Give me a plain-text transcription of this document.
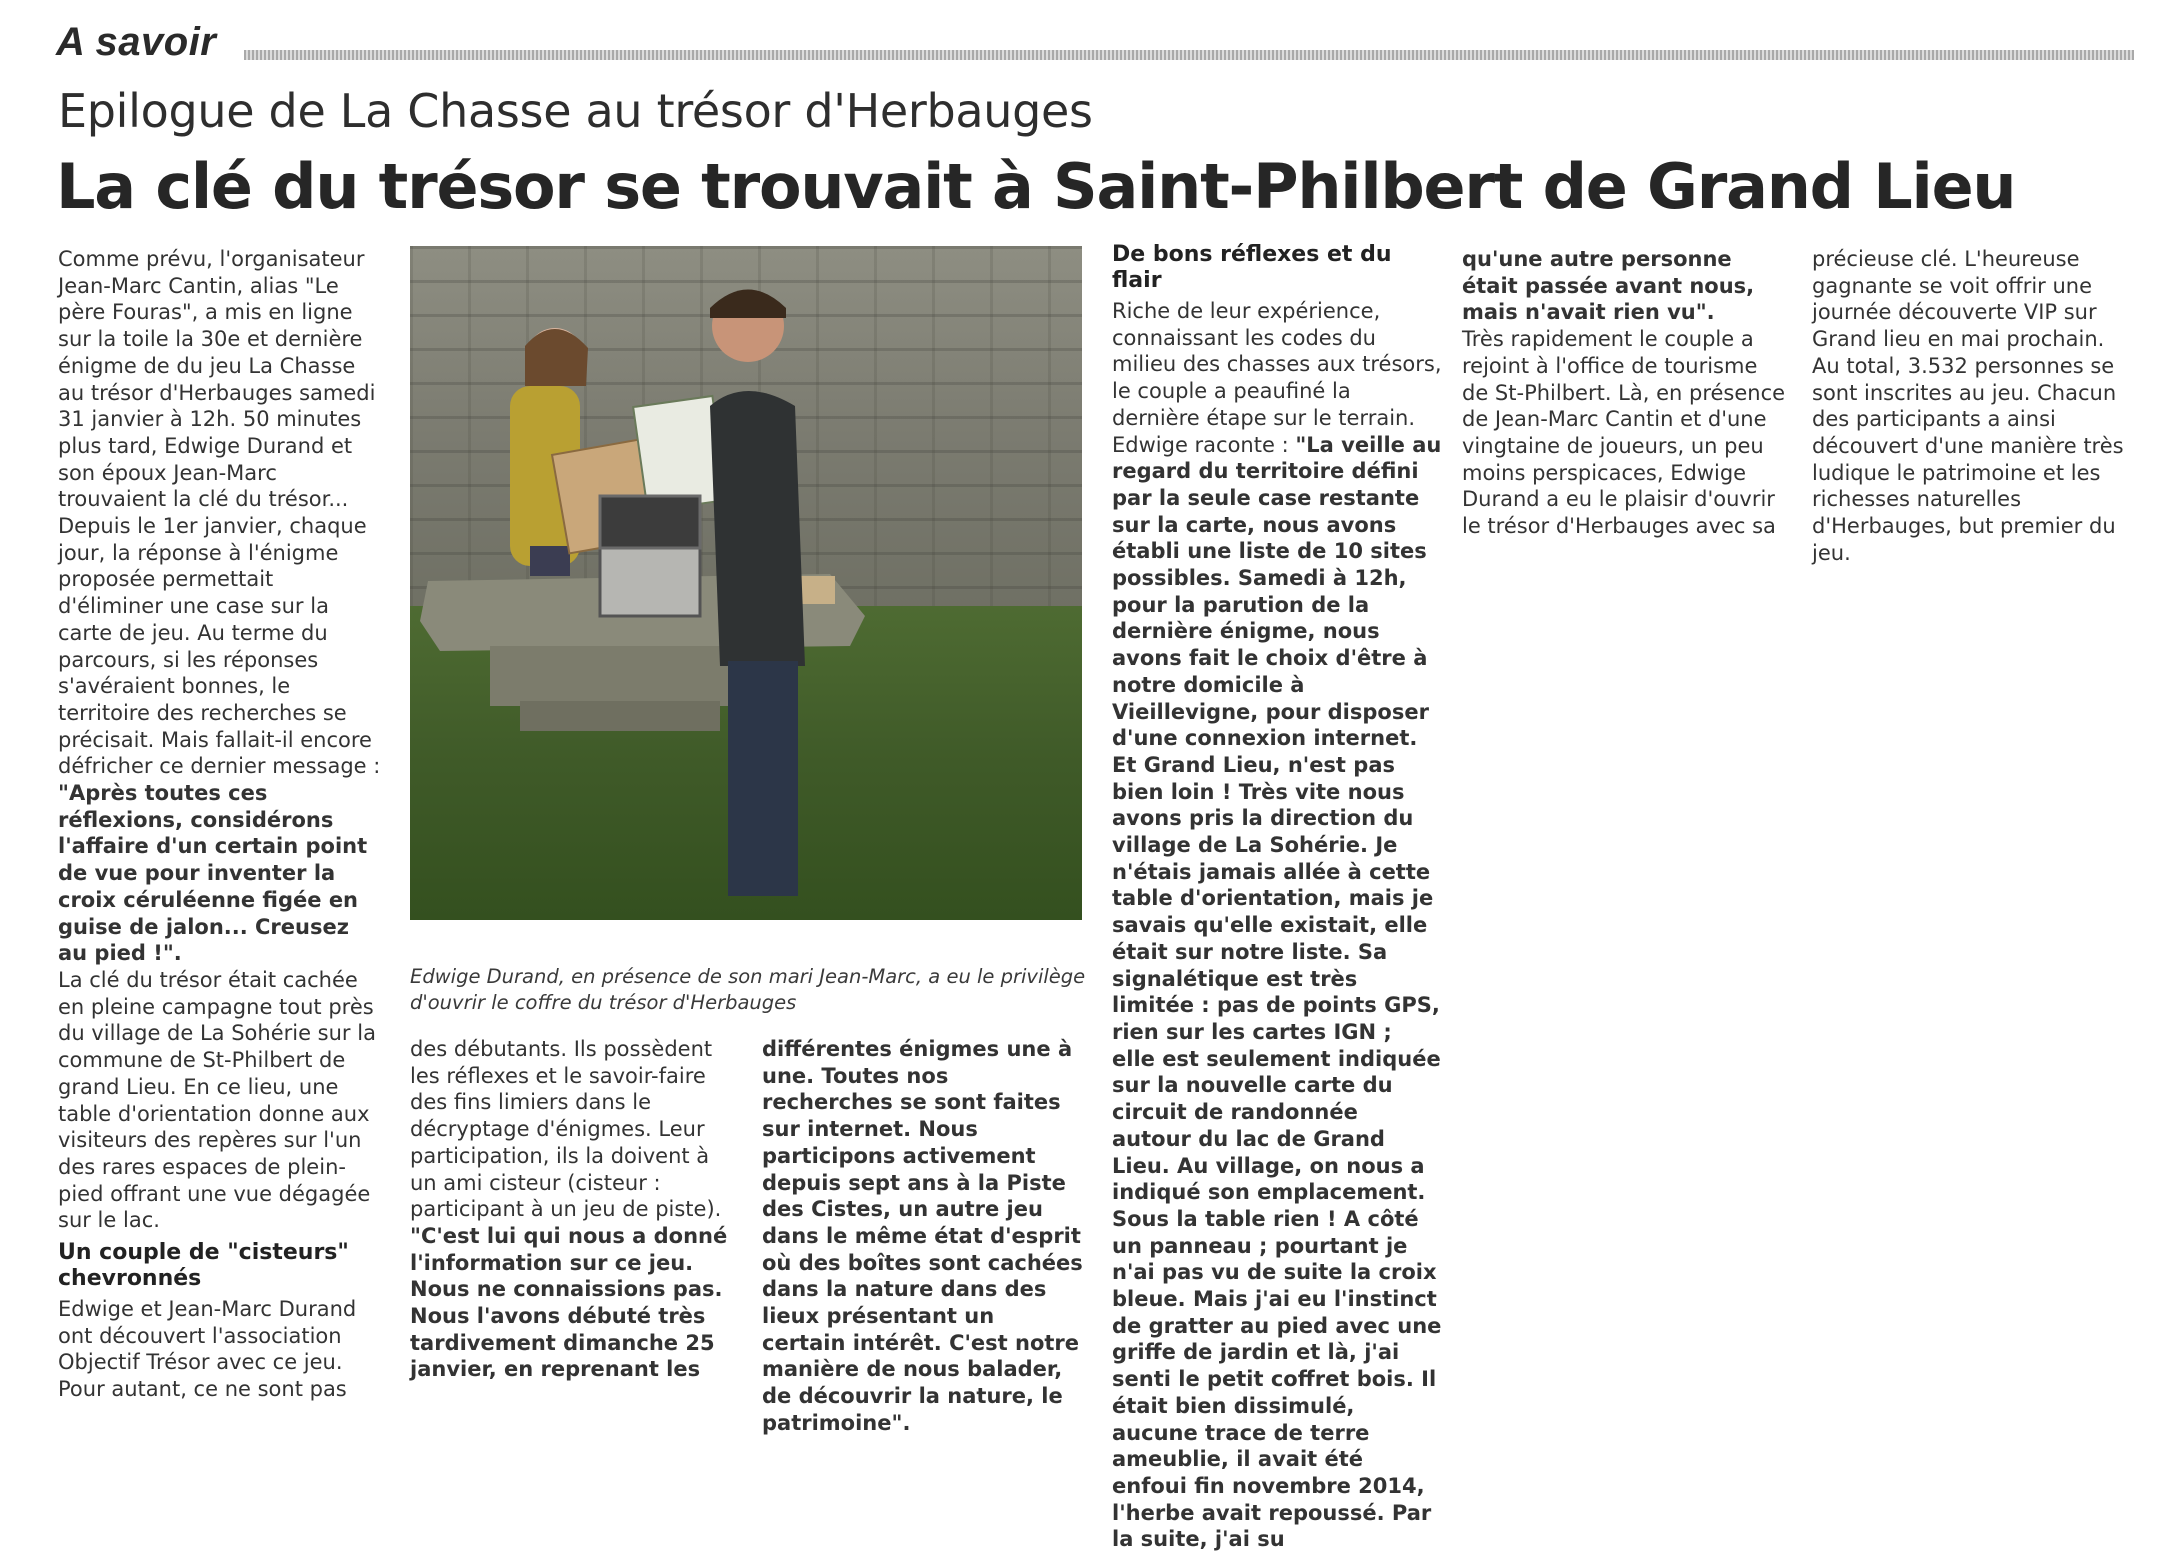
A savoir
Epilogue de La Chasse au trésor d'Herbauges
La clé du trésor se trouvait à Saint-Philbert de Grand Lieu

Comme prévu, l'organisateur Jean-Marc Cantin, alias "Le père Fouras", a mis en ligne sur la toile la 30e et dernière énigme de du jeu La Chasse au trésor d'Herbauges samedi 31 janvier à 12h. 50 minutes plus tard, Edwige Durand et son époux Jean-Marc trouvaient la clé du trésor...

Depuis le 1er janvier, chaque jour, la réponse à l'énigme proposée permettait d'éliminer une case sur la carte de jeu. Au terme du parcours, si les réponses s'avéraient bonnes, le territoire des recherches se précisait. Mais fallait-il encore défricher ce dernier message : "Après toutes ces réflexions, considérons l'affaire d'un certain point de vue pour inventer la croix céruléenne figée en guise de jalon... Creusez au pied !".

La clé du trésor était cachée en pleine campagne tout près du village de La Sohérie sur la commune de St-Philbert de grand Lieu. En ce lieu, une table d'orientation donne aux visiteurs des repères sur l'un des rares espaces de plein-pied offrant une vue dégagée sur le lac.

Un couple de "cisteurs" chevronnés

Edwige et Jean-Marc Durand ont découvert l'association Objectif Trésor avec ce jeu. Pour autant, ce ne sont pas

Edwige Durand, en présence de son mari Jean-Marc, a eu le privilège d'ouvrir le coffre du trésor d'Herbauges

des débutants. Ils possèdent les réflexes et le savoir-faire des fins limiers dans le décryptage d'énigmes. Leur participation, ils la doivent à un ami cisteur (cisteur : participant à un jeu de piste).

"C'est lui qui nous a donné l'information sur ce jeu. Nous ne connaissions pas. Nous l'avons débuté très tardivement dimanche 25 janvier, en reprenant les

différentes énigmes une à une. Toutes nos recherches se sont faites sur internet. Nous participons activement depuis sept ans à la Piste des Cistes, un autre jeu dans le même état d'esprit où des boîtes sont cachées dans la nature dans des lieux présentant un certain intérêt. C'est notre manière de nous balader, de découvrir la nature, le patrimoine".

De bons réflexes et du flair

Riche de leur expérience, connaissant les codes du milieu des chasses aux trésors, le couple a peaufiné la dernière étape sur le terrain. Edwige raconte : "La veille au regard du territoire défini par la seule case restante sur la carte, nous avons établi une liste de 10 sites possibles. Samedi à 12h, pour la parution de la dernière énigme, nous avons fait le choix d'être à notre domicile à Vieillevigne, pour disposer d'une connexion internet. Et Grand Lieu, n'est pas bien loin ! Très vite nous avons pris la direction du village de La Sohérie. Je n'étais jamais allée à cette table d'orientation, mais je savais qu'elle existait, elle était sur notre liste. Sa signalétique est très limitée : pas de points GPS, rien sur les cartes IGN ; elle est seulement indiquée sur la nouvelle carte du circuit de randonnée autour du lac de Grand Lieu. Au village, on nous a indiqué son emplacement. Sous la table rien ! A côté un panneau ; pourtant je n'ai pas vu de suite la croix bleue. Mais j'ai eu l'instinct de gratter au pied avec une griffe de jardin et là, j'ai senti le petit coffret bois. Il était bien dissimulé, aucune trace de terre ameublie, il avait été enfoui fin novembre 2014, l'herbe avait repoussé. Par la suite, j'ai su

qu'une autre personne était passée avant nous, mais n'avait rien vu".

Très rapidement le couple a rejoint à l'office de tourisme de St-Philbert. Là, en présence de Jean-Marc Cantin et d'une vingtaine de joueurs, un peu moins perspicaces, Edwige Durand a eu le plaisir d'ouvrir le trésor d'Herbauges avec sa

précieuse clé. L'heureuse gagnante se voit offrir une journée découverte VIP sur Grand lieu en mai prochain.

Au total, 3.532 personnes se sont inscrites au jeu. Chacun des participants a ainsi découvert d'une manière très ludique le patrimoine et les richesses naturelles d'Herbauges, but premier du jeu.
